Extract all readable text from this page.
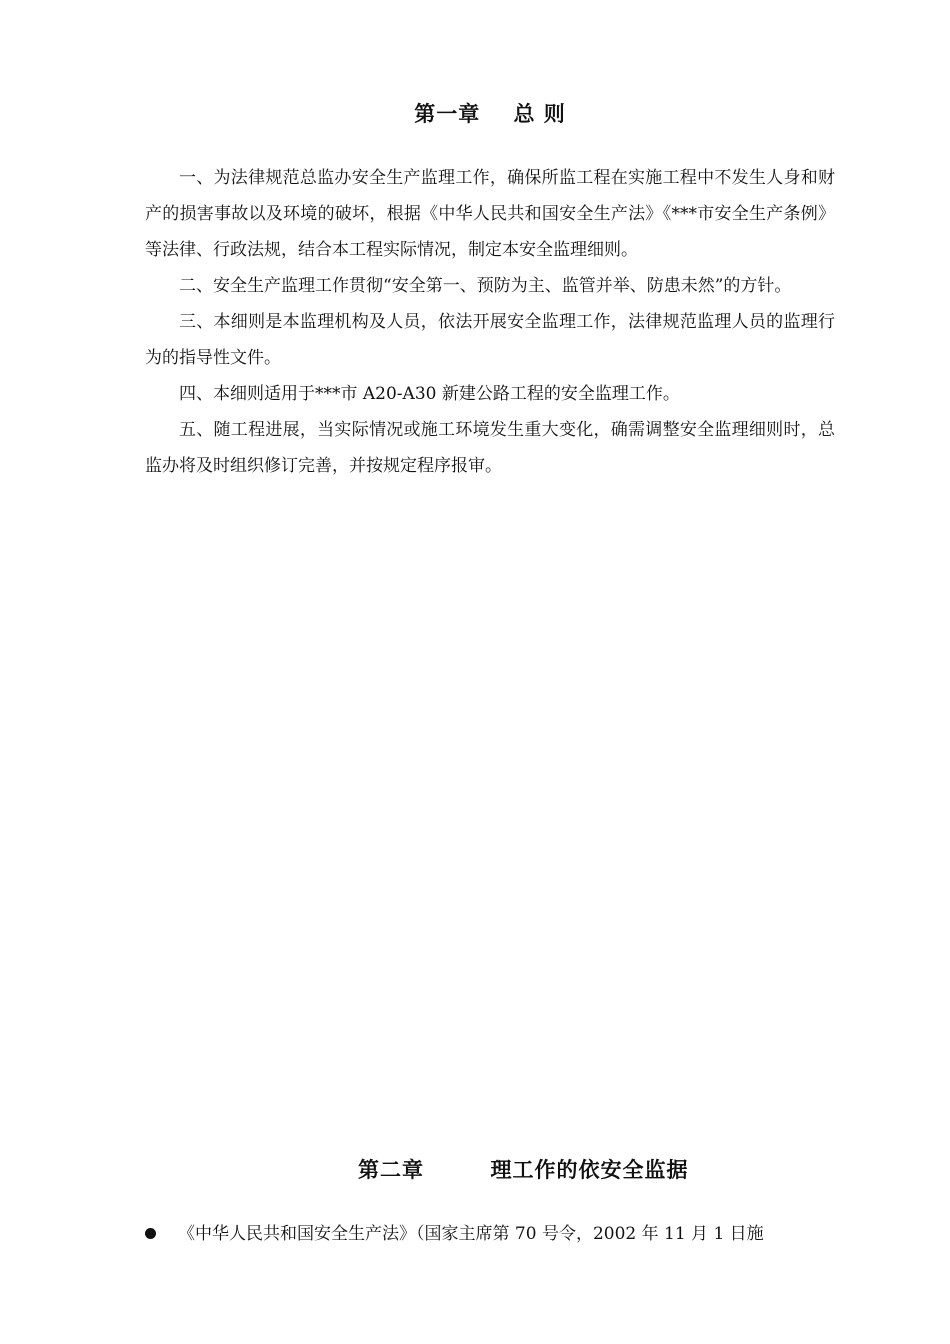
第一章    总 则

一、为法律规范总监办安全生产监理工作，确保所监工程在实施工程中不发生人身和财产的损害事故以及环境的破坏，根据《中华人民共和国安全生产法》《***市安全生产条例》等法律、行政法规，结合本工程实际情况，制定本安全监理细则。

二、安全生产监理工作贯彻“安全第一、预防为主、监管并举、防患未然”的方针。

三、本细则是本监理机构及人员，依法开展安全监理工作，法律规范监理人员的监理行为的指导性文件。

四、本细则适用于***市 A20-A30 新建公路工程的安全监理工作。

五、随工程进展，当实际情况或施工环境发生重大变化，确需调整安全监理细则时，总监办将及时组织修订完善，并按规定程序报审。

第二章        理工作的依安全监据
《中华人民共和国安全生产法》（国家主席第 70 号令，2002 年 11 月 1 日施
